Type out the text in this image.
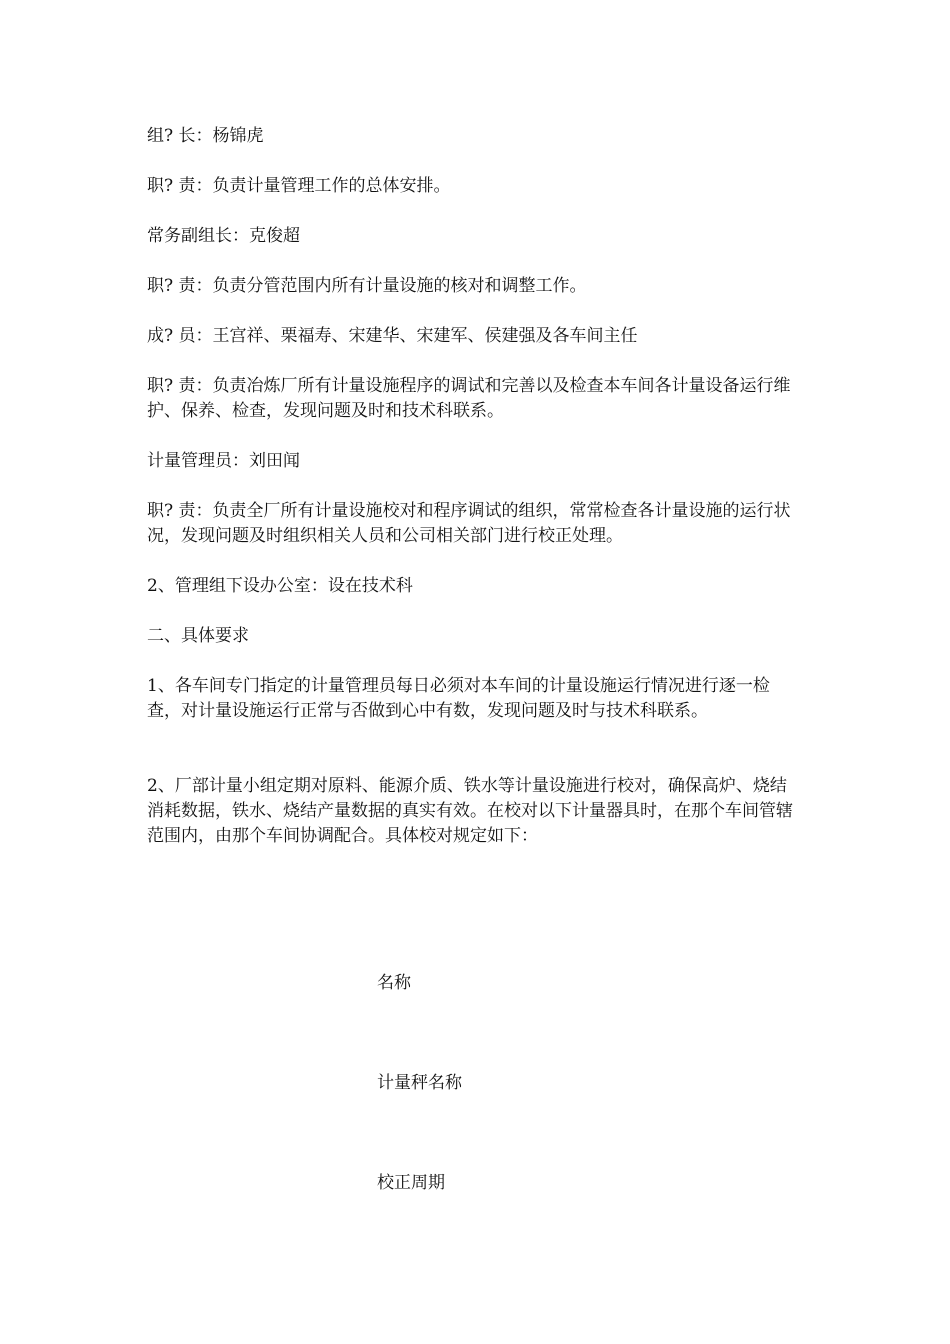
组? 长：杨锦虎

职? 责：负责计量管理工作的总体安排。

常务副组长：克俊超

职? 责：负责分管范围内所有计量设施的核对和调整工作。

成? 员：王宫祥、栗福寿、宋建华、宋建军、侯建强及各车间主任

职? 责：负责冶炼厂所有计量设施程序的调试和完善以及检查本车间各计量设备运行维护、保养、检查，发现问题及时和技术科联系。

计量管理员：刘田闻

职? 责：负责全厂所有计量设施校对和程序调试的组织，常常检查各计量设施的运行状况，发现问题及时组织相关人员和公司相关部门进行校正处理。

2、管理组下设办公室：设在技术科

二、具体要求

1、各车间专门指定的计量管理员每日必须对本车间的计量设施运行情况进行逐一检查，对计量设施运行正常与否做到心中有数，发现问题及时与技术科联系。

2、厂部计量小组定期对原料、能源介质、铁水等计量设施进行校对，确保高炉、烧结消耗数据，铁水、烧结产量数据的真实有效。在校对以下计量器具时，在那个车间管辖范围内，由那个车间协调配合。具体校对规定如下：

名称

计量秤名称

校正周期
